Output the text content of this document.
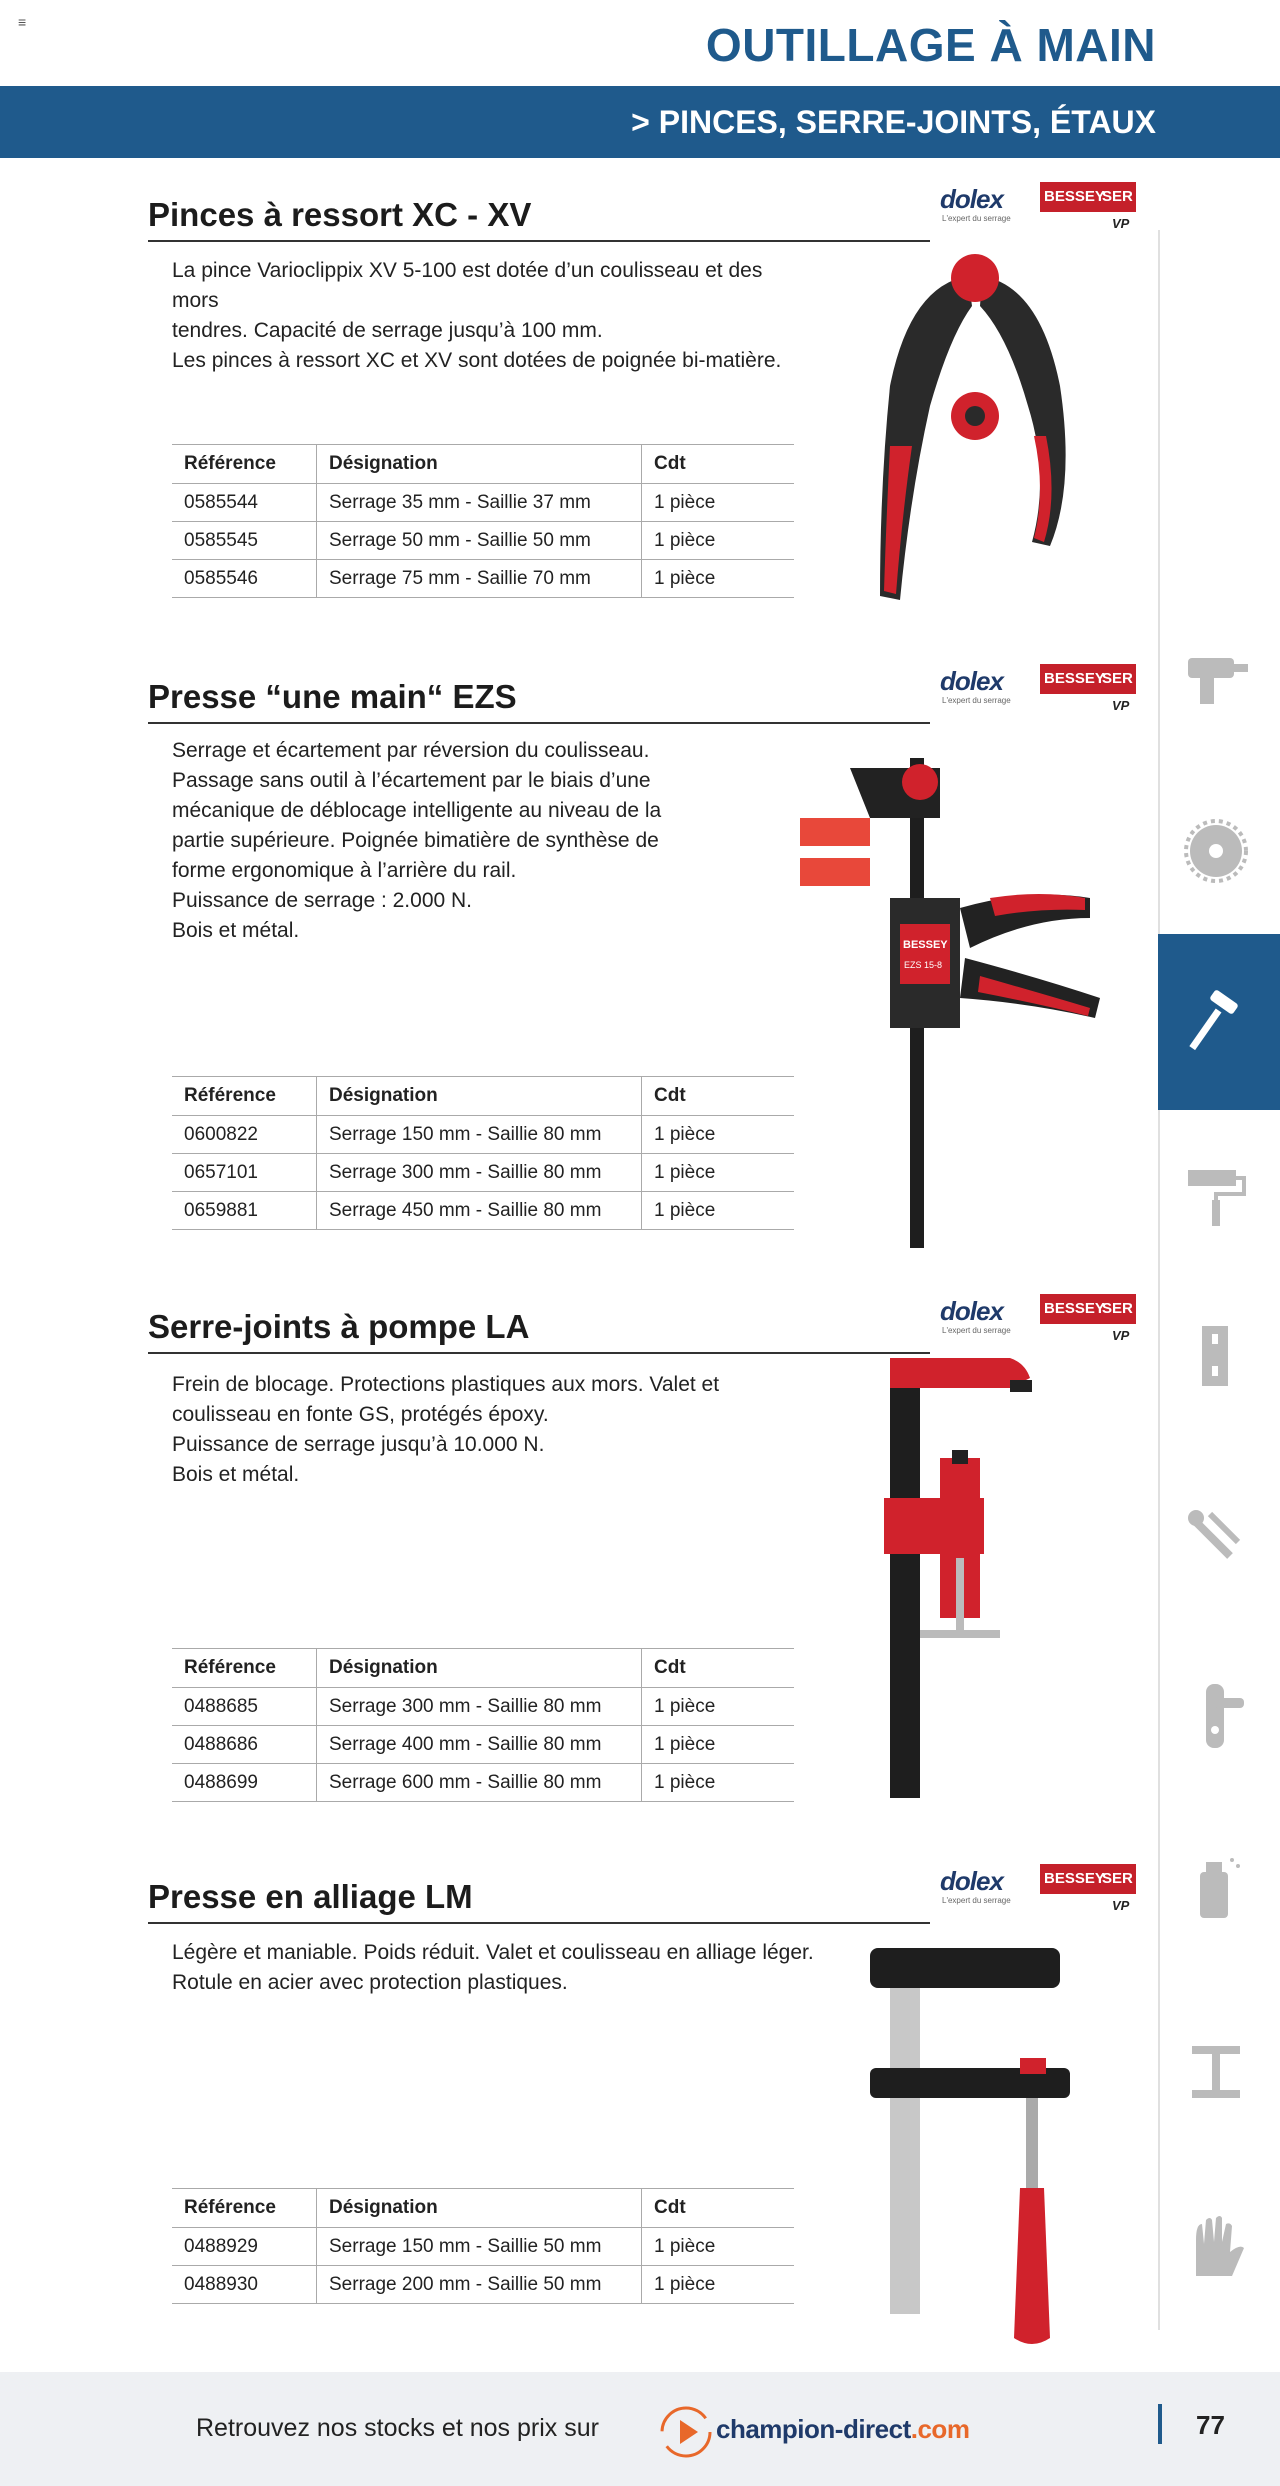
≡	OUTILLAGE À MAIN
> PINCES, SERRE-JOINTS, ÉTAUX
Pinces à ressort XC - XV	dolex
L'expert du serrage
BESSEY
SER
VP

La pince Varioclippix XV 5-100 est dotée d’un coulisseau et des mors

tendres. Capacité de serrage jusqu’à 100 mm.

Les pinces à ressort XC et XV sont dotées de poignée bi-matière.

Référence	Désignation	Cdt
0585544	Serrage 35 mm - Saillie 37 mm	1 pièce
0585545	Serrage 50 mm - Saillie 50 mm	1 pièce
0585546	Serrage 75 mm - Saillie 70 mm	1 pièce
Presse “une main“ EZS	dolex
L'expert du serrage
BESSEY
SER
VP

Serrage et écartement par réversion du coulisseau.

Passage sans outil à l’écartement par le biais d’une

mécanique de déblocage intelligente au niveau de la

partie supérieure. Poignée bimatière de synthèse de

forme ergonomique à l’arrière du rail.

Puissance de serrage : 2.000 N.

Bois et métal.

Référence	Désignation	Cdt
0600822	Serrage 150 mm - Saillie 80 mm	1 pièce
0657101	Serrage 300 mm - Saillie 80 mm	1 pièce
0659881	Serrage 450 mm - Saillie 80 mm	1 pièce
BESSEY
EZS 15-8
Serre-joints à pompe LA	dolex
L'expert du serrage
BESSEY
SER
VP

Frein de blocage. Protections plastiques aux mors. Valet et

coulisseau en fonte GS, protégés époxy.

Puissance de serrage jusqu’à 10.000 N.

Bois et métal.

Référence	Désignation	Cdt
0488685	Serrage 300 mm - Saillie 80 mm	1 pièce
0488686	Serrage 400 mm - Saillie 80 mm	1 pièce
0488699	Serrage 600 mm - Saillie 80 mm	1 pièce
Presse en alliage LM	dolex
L'expert du serrage
BESSEY
SER
VP

Légère et maniable. Poids réduit. Valet et coulisseau en alliage léger.

Rotule en acier avec protection plastiques.

Référence	Désignation	Cdt
0488929	Serrage 150 mm - Saillie 50 mm	1 pièce
0488930	Serrage 200 mm - Saillie 50 mm	1 pièce
Retrouvez nos stocks et nos prix sur	champion-direct.com	77
